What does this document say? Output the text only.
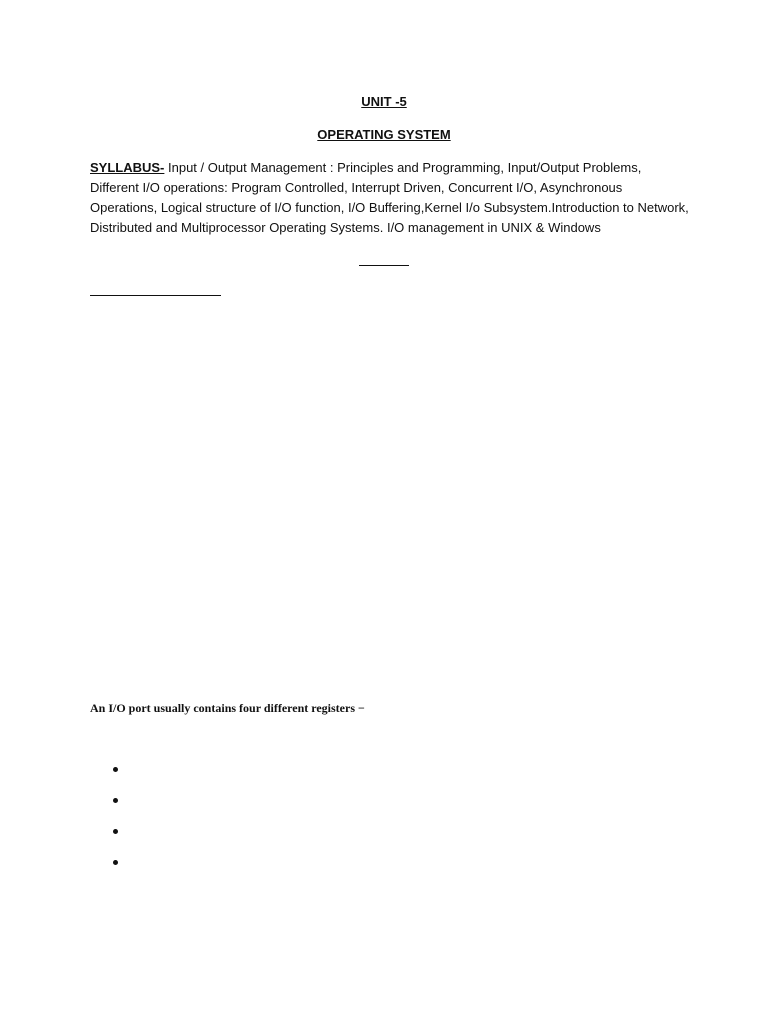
UNIT -5
OPERATING SYSTEM
SYLLABUS- Input / Output Management : Principles and Programming, Input/Output Problems, Different I/O operations: Program Controlled, Interrupt Driven, Concurrent I/O, Asynchronous Operations, Logical structure of I/O function, I/O Buffering,Kernel I/o Subsystem.Introduction to Network, Distributed and Multiprocessor Operating Systems. I/O management in UNIX & Windows
An I/O port usually contains four different registers −
